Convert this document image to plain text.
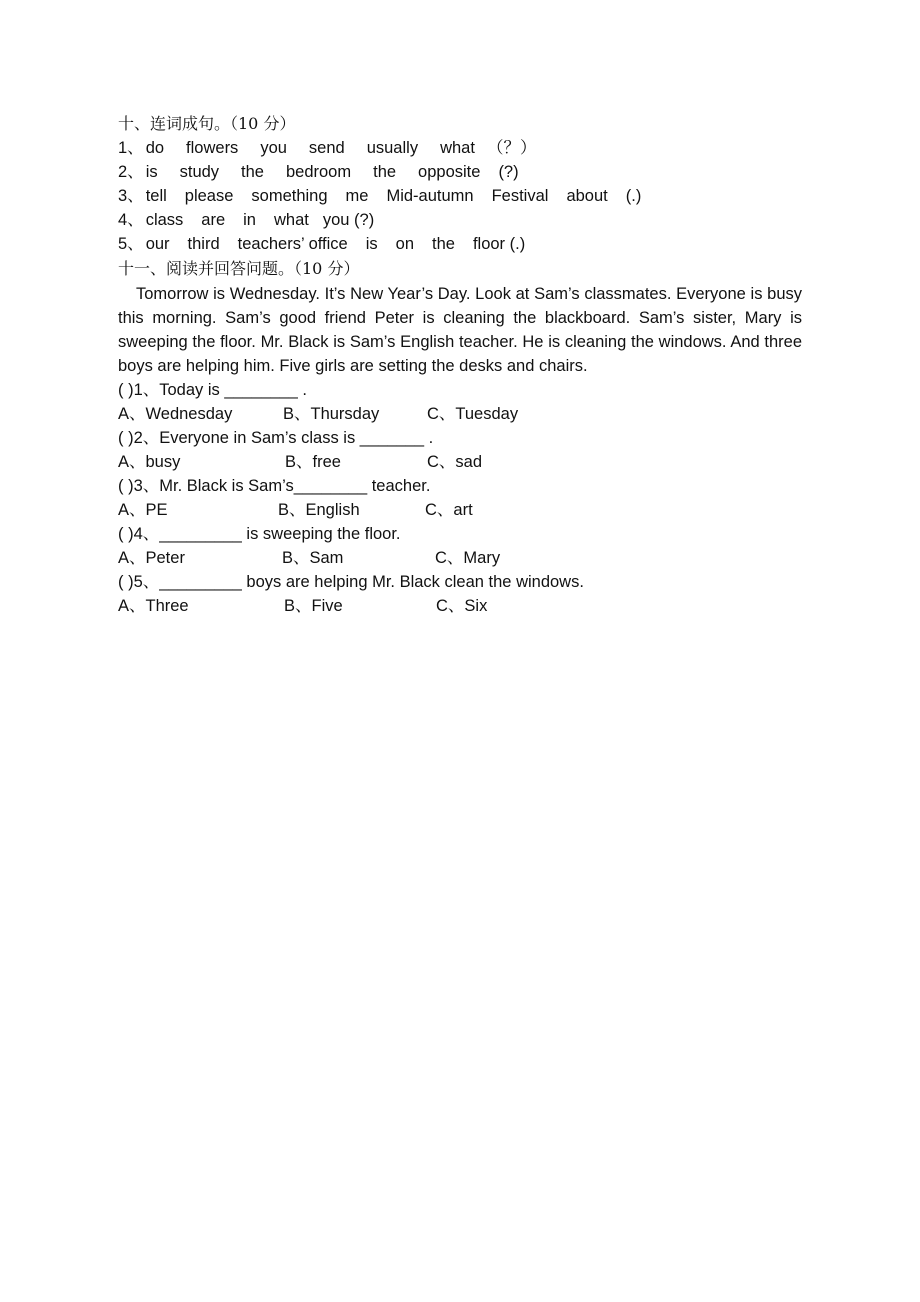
十、连词成句。（10 分）
1、 do flowers you send usually what （？）
2、 is study the bedroom the opposite (?)
3、 tell please something me Mid-autumn Festival about (.)
4、 class are in what you (?)
5、 our third teachers’ office is on the floor (.)
十一、阅读并回答问题。（10 分）
Tomorrow is Wednesday. It’s New Year’s Day. Look at Sam’s classmates. Everyone is busy this morning. Sam’s good friend Peter is cleaning the blackboard. Sam’s sister, Mary is sweeping the floor. Mr. Black is Sam’s English teacher. He is cleaning the windows. And three boys are helping him. Five girls are setting the desks and chairs.
( )1、Today is ________ .
A、Wednesday	B、Thursday	C、Tuesday
( )2、Everyone in Sam’s class is _______ .
A、busy	B、free	C、sad
( )3、Mr. Black is Sam’s________ teacher.
A、PE	B、English	C、art
( )4、_________ is sweeping the floor.
A、Peter	B、Sam	C、Mary
( )5、_________ boys are helping Mr. Black clean the windows.
A、Three	B、Five	C、Six
